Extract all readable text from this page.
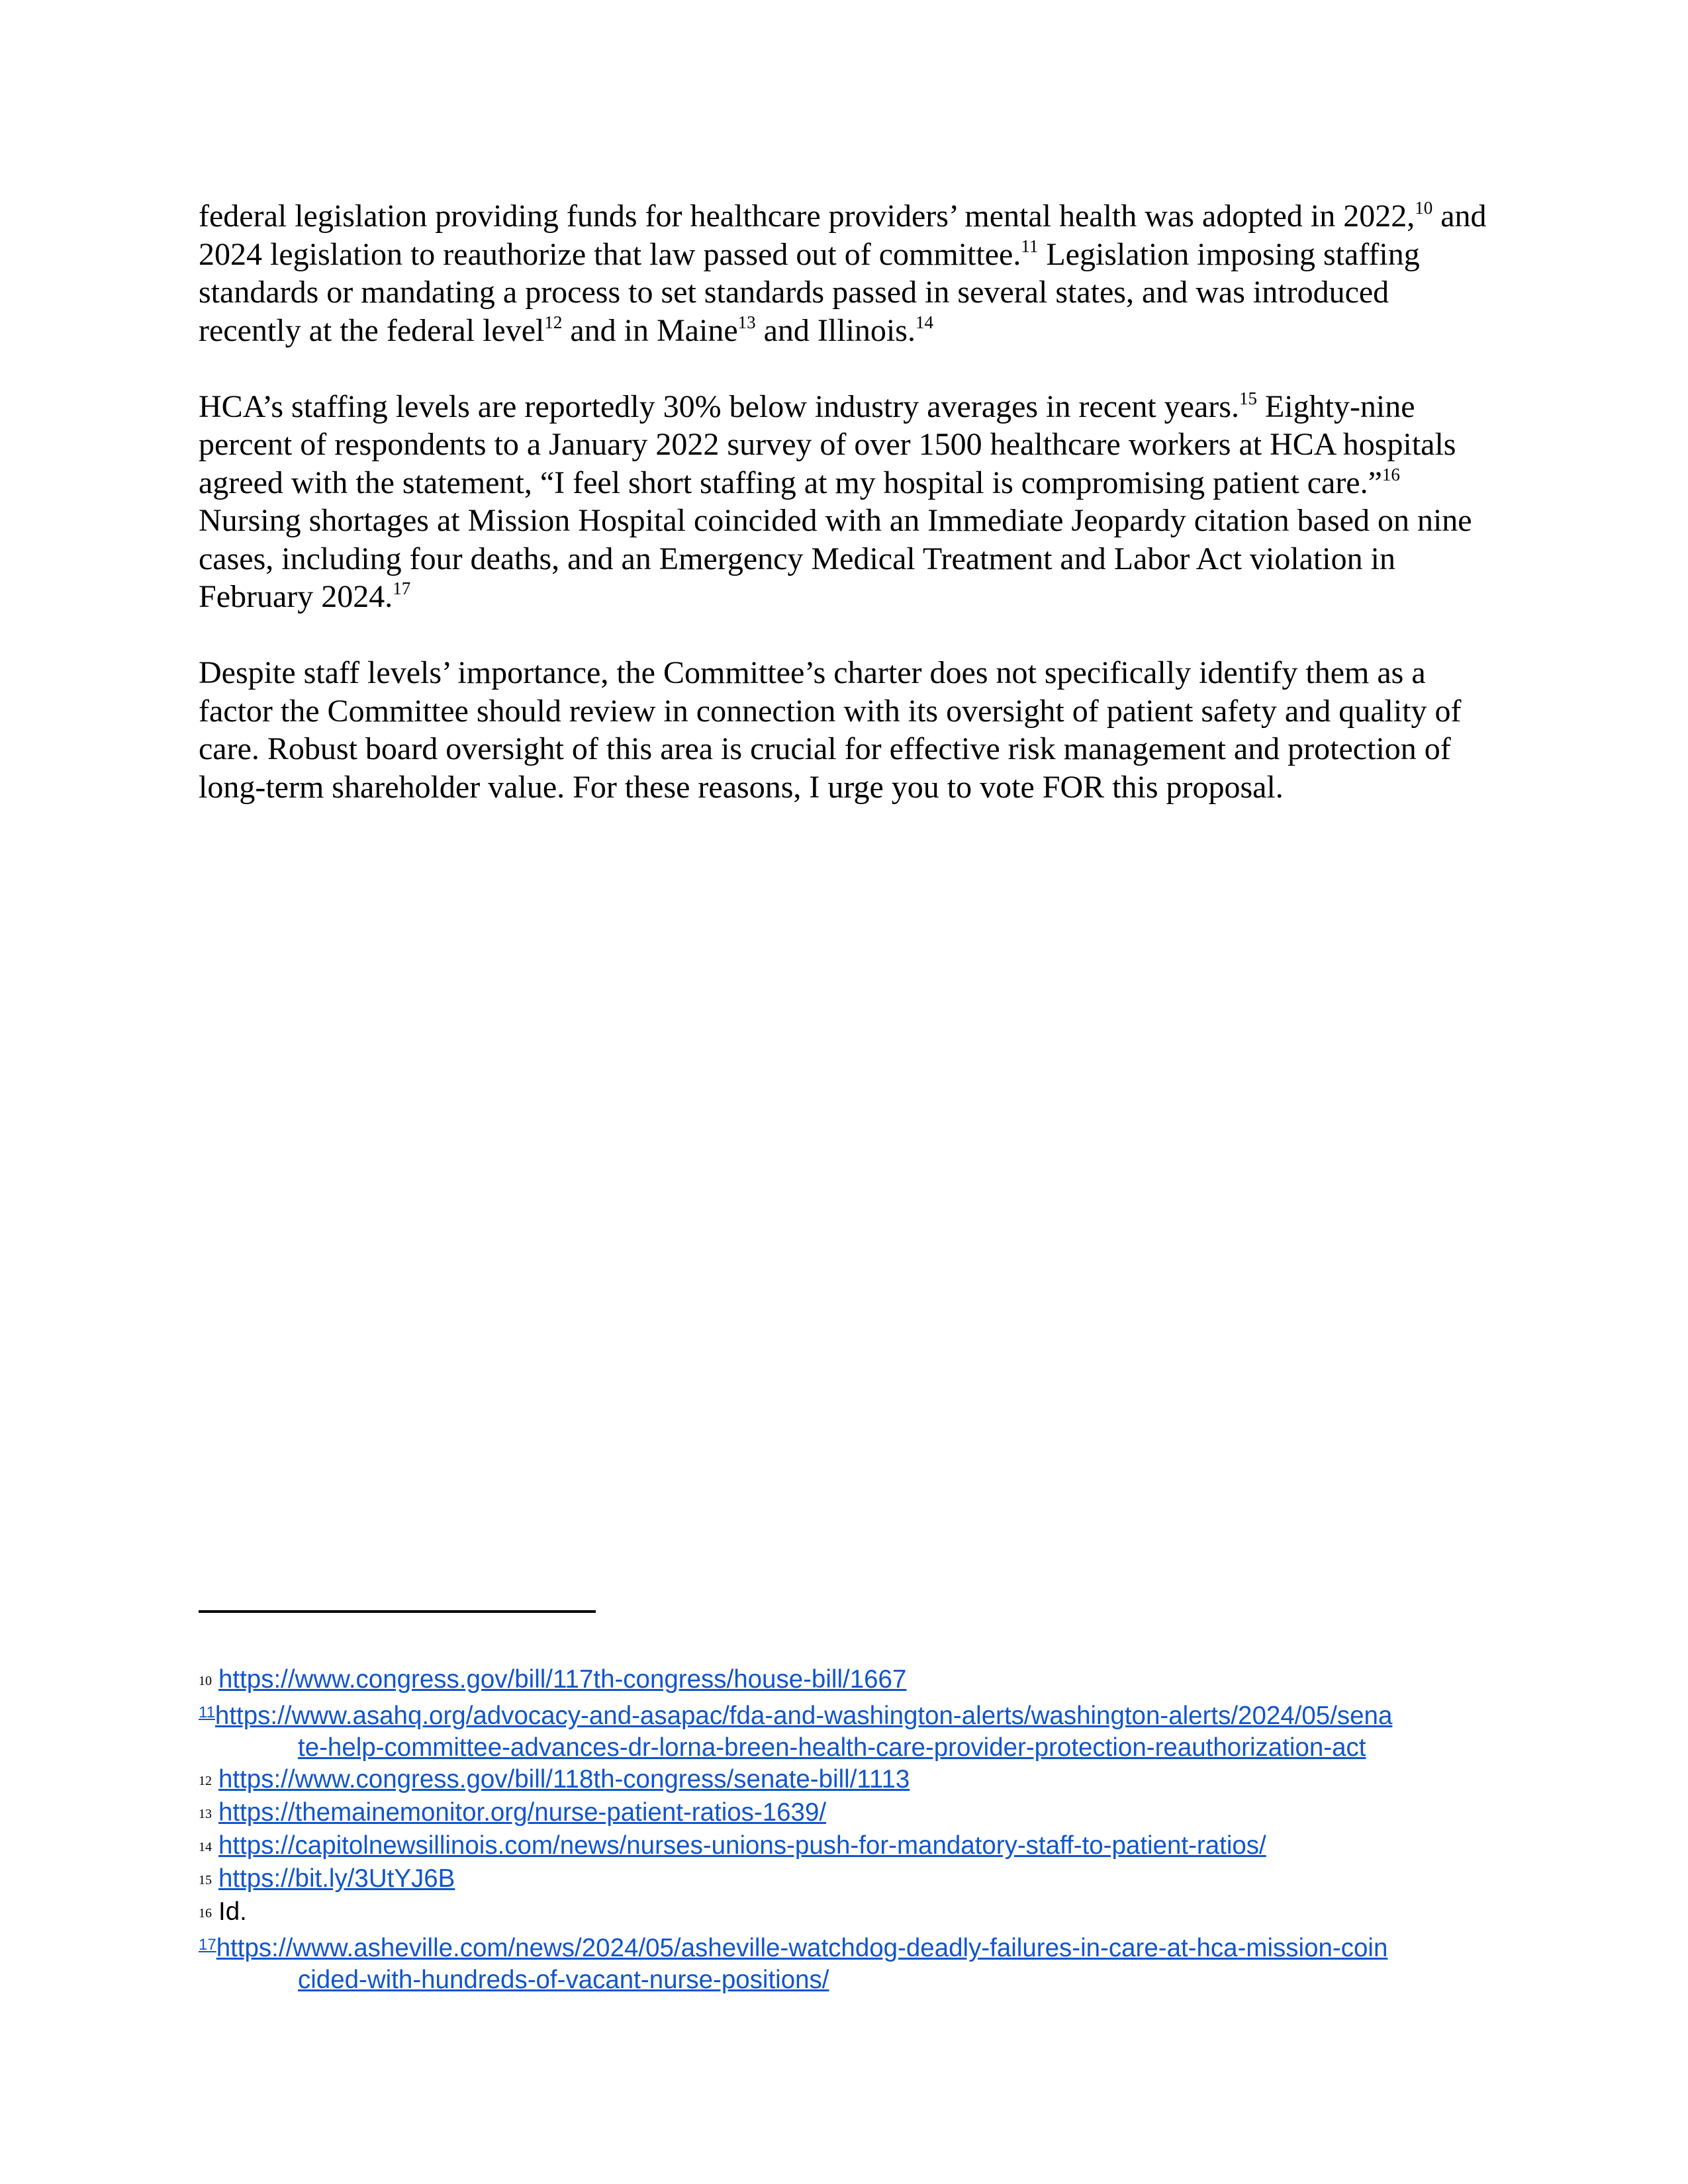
federal legislation providing funds for healthcare providers’ mental health was adopted in 2022,10 and 2024 legislation to reauthorize that law passed out of committee.$^{11}$ Legislation imposing staffing standards or mandating a process to set standards passed in several states, and was introduced recently at the federal level$^{12}$ and in Maine$^{13}$ and Illinois.$^{14}$

HCA’s staffing levels are reportedly 30% below industry averages in recent years.$^{15}$ Eighty-nine percent of respondents to a January 2022 survey of over 1500 healthcare workers at HCA hospitals agreed with the statement, “I feel short staffing at my hospital is compromising patient care.”$^{16}$ Nursing shortages at Mission Hospital coincided with an Immediate Jeopardy citation based on nine cases, including four deaths, and an Emergency Medical Treatment and Labor Act violation in February 2024.17

Despite staff levels’ importance, the Committee’s charter does not specifically identify them as a factor the Committee should review in connection with its oversight of patient safety and quality of care. Robust board oversight of this area is crucial for effective risk management and protection of long-term shareholder value. For these reasons, I urge you to vote FOR this proposal.

10 https://www.congress.gov/bill/117th-congress/house-bill/1667

$^{11}$https://www.asahq.org/advocacy-and-asapac/fda-and-washington-alerts/washington-alerts/2024/05/sena
te-help-committee-advances-dr-lorna-breen-health-care-provider-protection-reauthorization-act

12 https://www.congress.gov/bill/118th-congress/senate-bill/1113

13 https://themainemonitor.org/nurse-patient-ratios-1639/

14 https://capitolnewsillinois.com/news/nurses-unions-push-for-mandatory-staff-to-patient-ratios/

15 https://bit.ly/3UtYJ6B

16 Id.

$^{17}$https://www.asheville.com/news/2024/05/asheville-watchdog-deadly-failures-in-care-at-hca-mission-coin
cided-with-hundreds-of-vacant-nurse-positions/
